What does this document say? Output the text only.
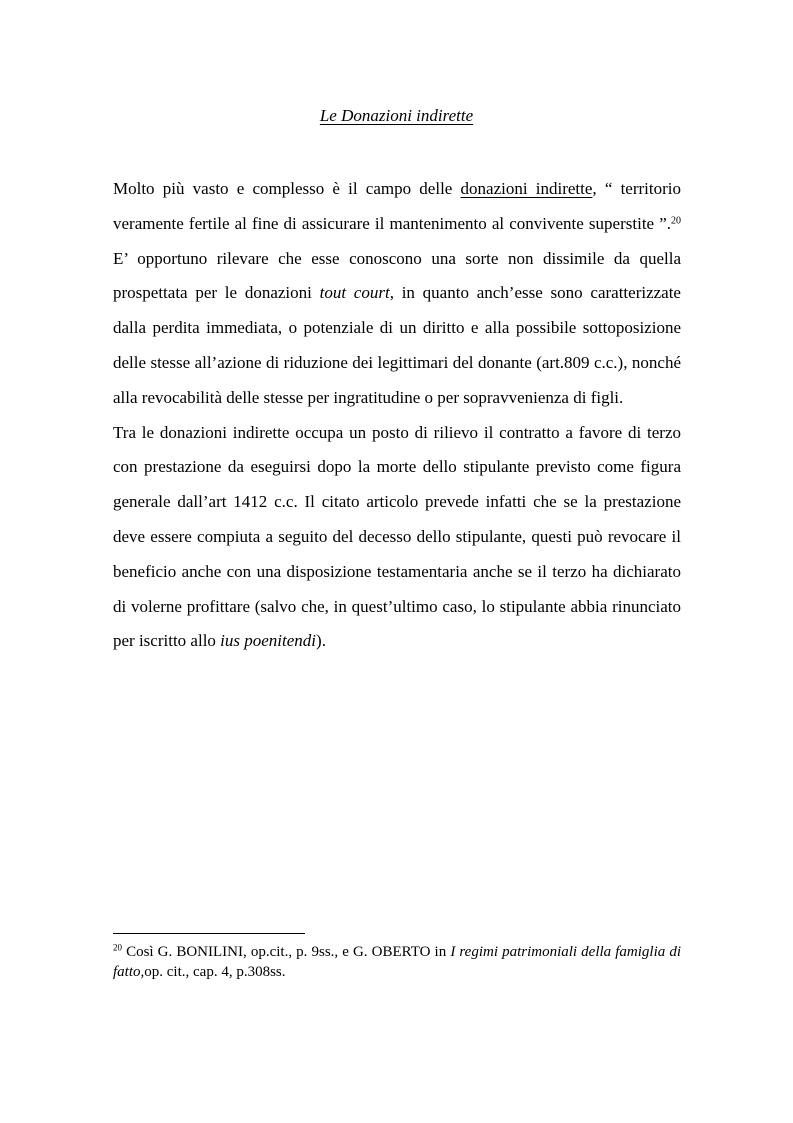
Le Donazioni indirette

Molto più vasto e complesso è il campo delle donazioni indirette, “ territorio veramente fertile al fine di assicurare il mantenimento al convivente superstite ”.$^{20}$ E’ opportuno rilevare che esse conoscono una sorte non dissimile da quella prospettata per le donazioni tout court, in quanto anch’esse sono caratterizzate dalla perdita immediata, o potenziale di un diritto e alla possibile sottoposizione delle stesse all’azione di riduzione dei legittimari del donante (art.809 c.c.), nonché alla revocabilità delle stesse per ingratitudine o per sopravvenienza di figli.

Tra le donazioni indirette occupa un posto di rilievo il contratto a favore di terzo con prestazione da eseguirsi dopo la morte dello stipulante previsto come figura generale dall’art 1412 c.c. Il citato articolo prevede infatti che se la prestazione deve essere compiuta a seguito del decesso dello stipulante, questi può revocare il beneficio anche con una disposizione testamentaria anche se il terzo ha dichiarato di volerne profittare (salvo che, in quest’ultimo caso, lo stipulante abbia rinunciato per iscritto allo ius poenitendi).

$^{20}$ Così G. BONILINI, op.cit., p. 9ss., e G. OBERTO in I regimi patrimoniali della famiglia di fatto,op. cit., cap. 4, p.308ss.
